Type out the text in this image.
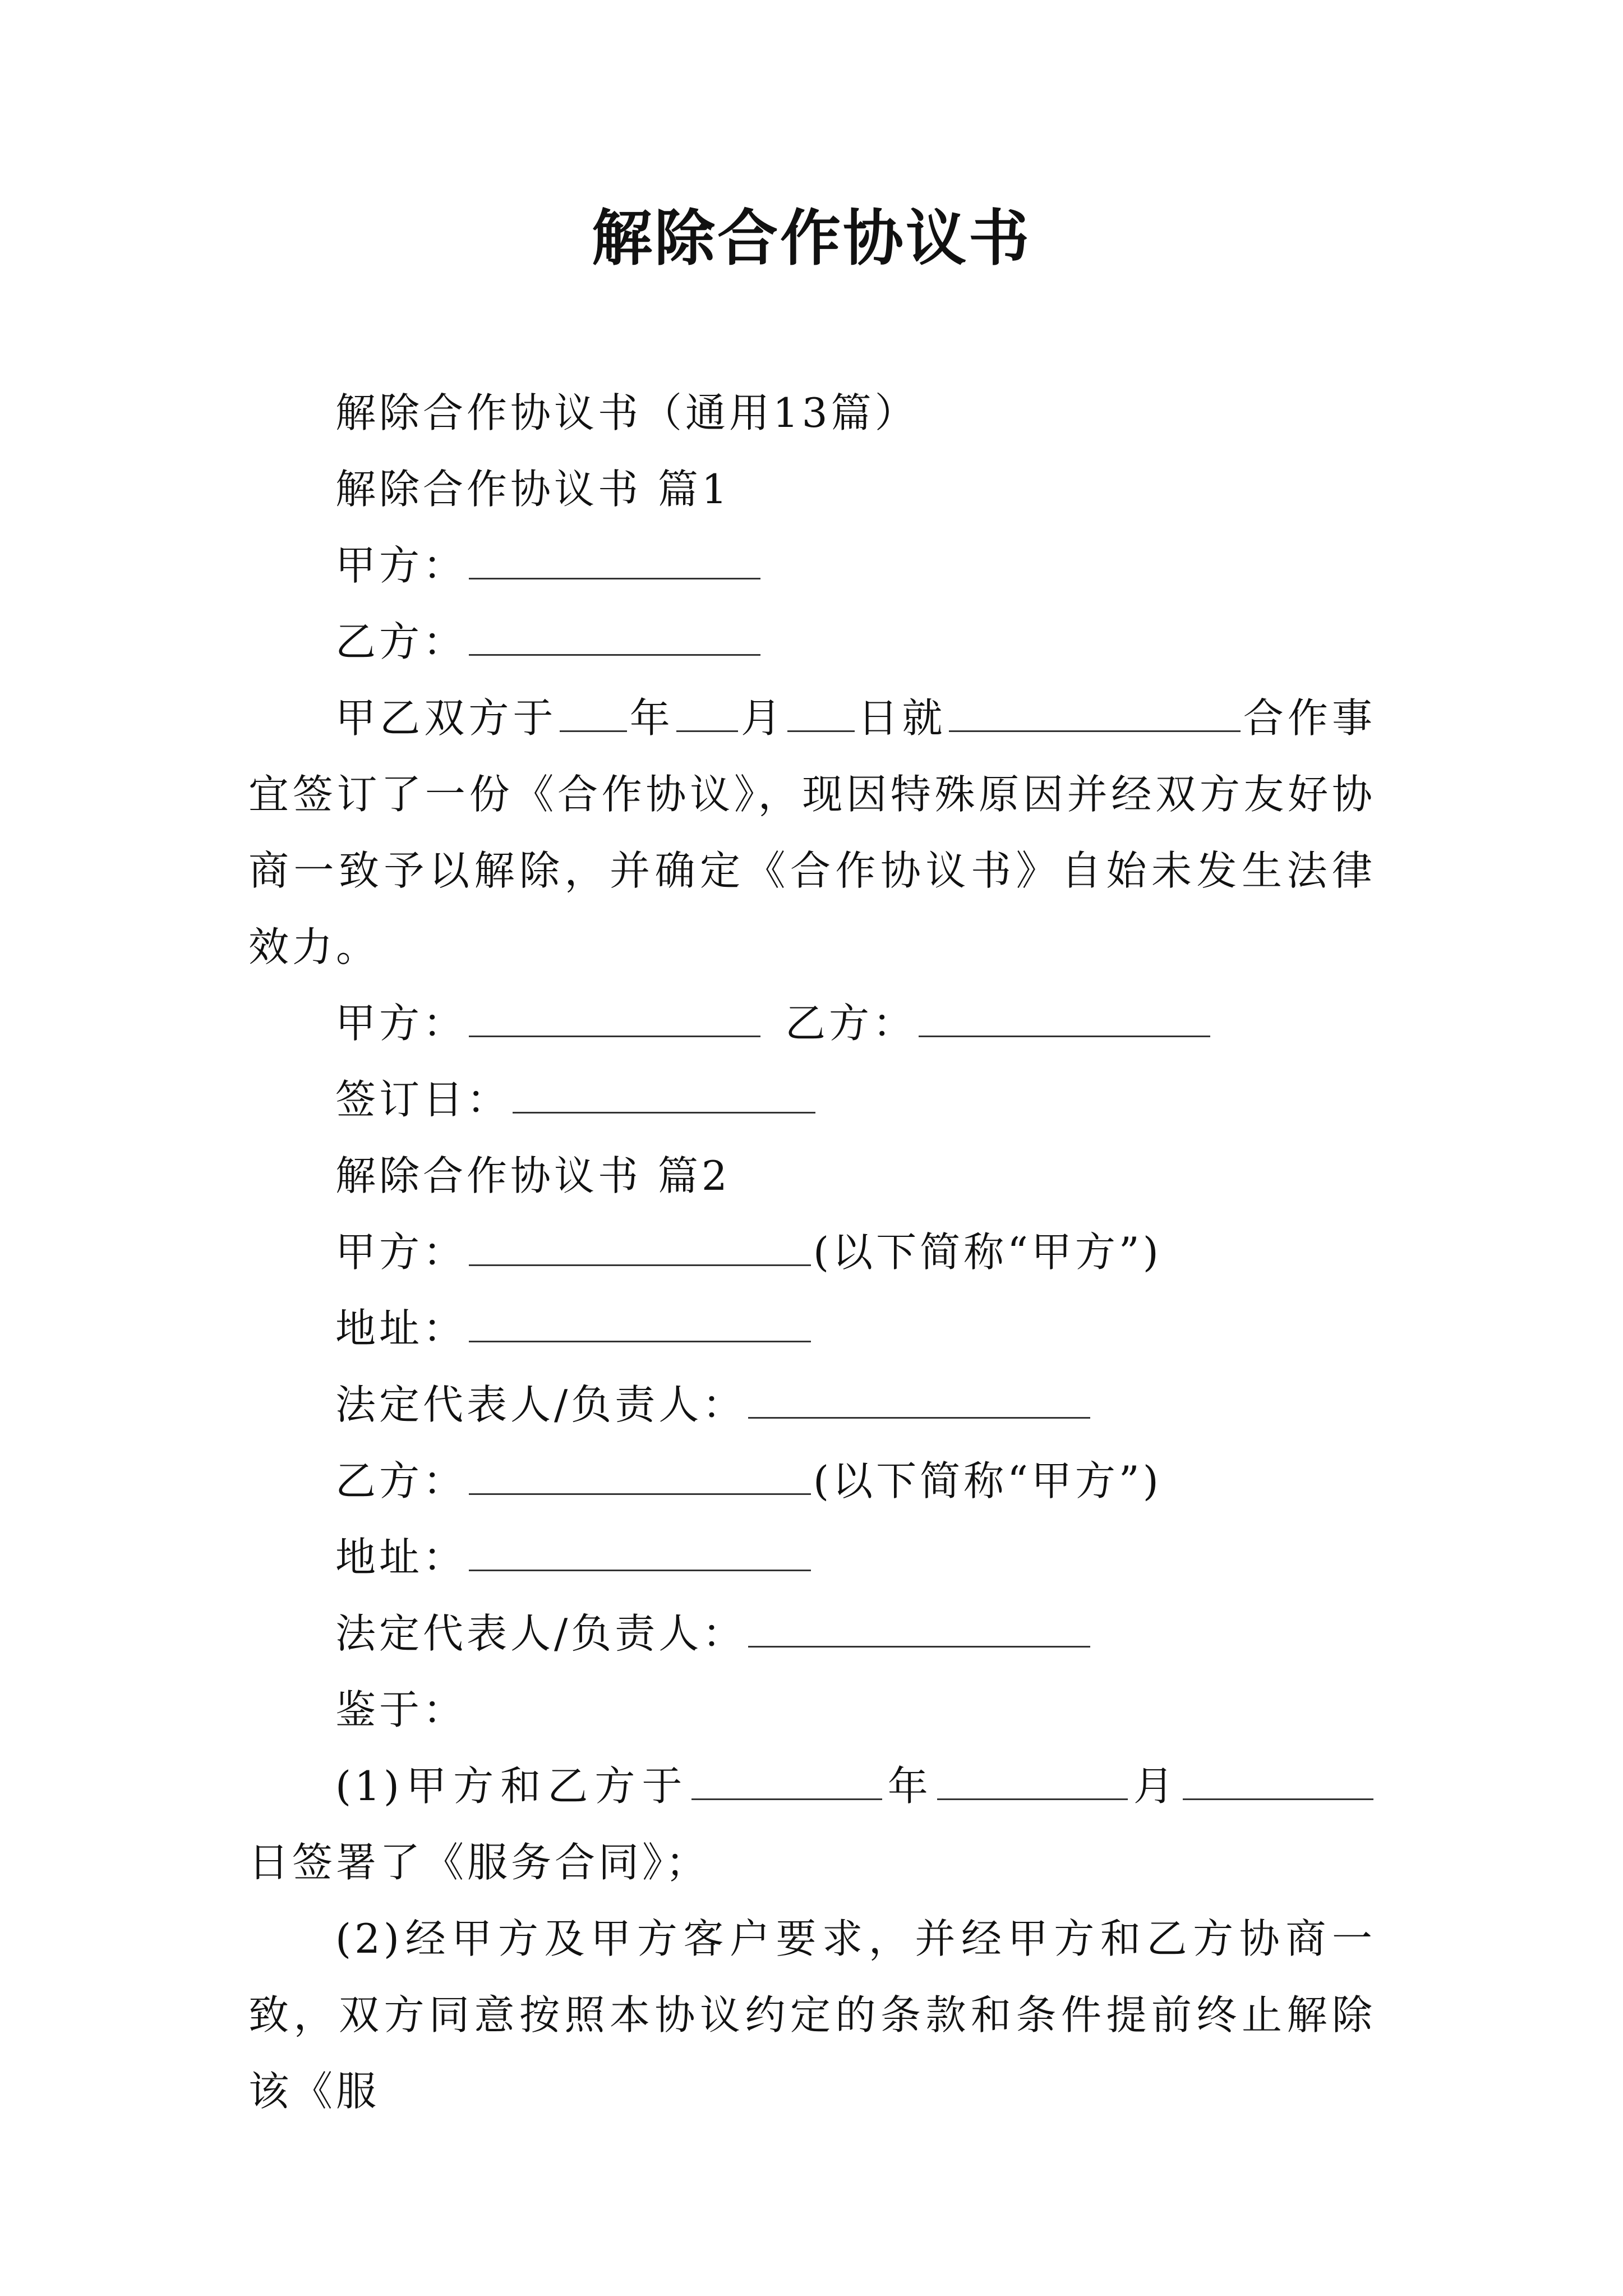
解除合作协议书

解除合作协议书（通用13篇）

解除合作协议书 篇1

甲方：

乙方：

甲乙双方于 年 月 日就	合作事宜签订了一份《合作协议》，现因特殊原因并经双方友好协商一致予以解除，并确定《合作协议书》自始未发生法律效力。

甲方：	乙方：

签订日：

解除合作协议书 篇2

甲方：	(以下简称“甲方”)

地址：

法定代表人/负责人：

乙方：	(以下简称“甲方”)

地址：

法定代表人/负责人：

鉴于：

(1)甲方和乙方于	年	月日签署了《服务合同》；

(2)经甲方及甲方客户要求，并经甲方和乙方协商一致，双方同意按照本协议约定的条款和条件提前终止解除该《服
